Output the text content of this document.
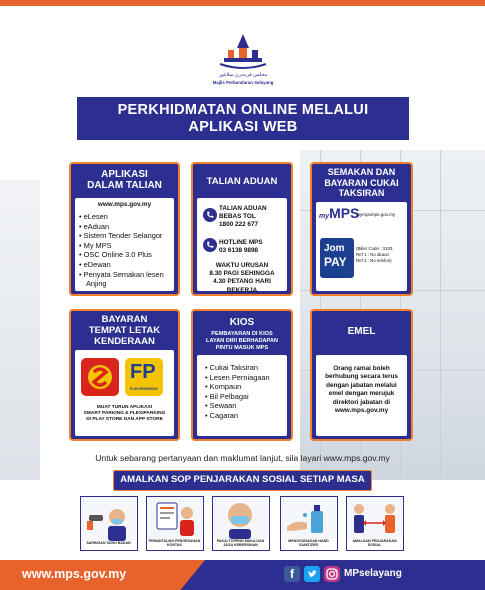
مجلس فربندرن سلاغور
Majlis Perbandaran Selayang
PERKHIDMATAN ONLINE MELALUI
APLIKASI WEB
APLIKASI
DALAM TALIAN
www.mps.gov.my
• eLesen
• eAduan
• Sistem Tender Selangor
• My MPS
• OSC Online 3.0 Plus
• eDewan
• Penyata Semakan lesen
Anjing
TALIAN ADUAN
TALIAN ADUAN
BEBAS TOL
1800 222 677
HOTLINE MPS
03 6138 9898
WAKTU URUSAN
8.30 PAGI SEHINGGA
4.30 PETANG HARI BEKERJA
SEMAKAN DAN
BAYARAN CUKAI
TAKSIRAN
myMPS
mympsmps.gov.my
Jom
PAY
(Biller Code : 3103,
Ref 1 : No akaun
Ref 2 : No telefon)
BAYARAN
TEMPAT LETAK
KENDERAAN
FP
FLEXIPARKING
MUAT TURUN APLIKASI
SMART PARKING & FLEXIPARKING
DI PLAY STORE DAN APP STORE
KIOS
PEMBAYARAN DI KIOS
LAYAN DIRI BERHADAPAN
PINTU MASUK MPS
• Cukai Taksiran
• Lesen Perniagaan
• Kompaun
• Bil Pelbagai
• Sewaan
• Cagaran
EMEL
Orang ramai boleh
berhubung secara terus
dengan jabatan melalui
emel dengan merujuk
direktori jabatan di
www.mps.gov.my
Untuk sebarang pertanyaan dan maklumat lanjut, sila layari www.mps.gov.my
AMALKAN SOP PENJARAKAN SOSIAL SETIAP MASA
SARINGAN SUHU BADAN	PEMANTAUAN PENGESANAN KONTAK
PAKAI TOPENG MUKA DAN JAGA KEBERSIHAN
MENGGUNAKAN HAND SANITIZER
AMALKAN PENJARAKAN SOSIAL
www.mps.gov.my	f	MPselayang
